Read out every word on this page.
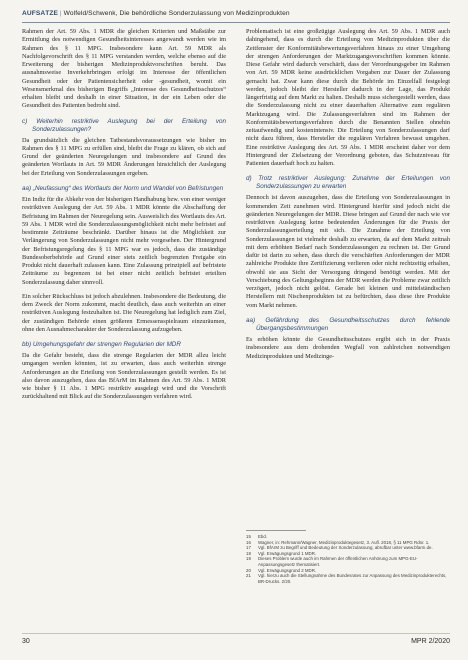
AUFSÄTZE | Wolfeld/Schwenk, Die behördliche Sonderzulassung von Medizinprodukten

Rahmen der Art. 59 Abs. 1 MDR die gleichen Kriterien und Maßstäbe zur Ermittlung des notwendigen Gesundheitsinteresses angewandt werden wie im Rahmen des § 11 MPG. Insbesondere kann Art. 59 MDR als Nachfolgevorschrift des § 11 MPG verstanden werden, welche ebenso auf die Erweiterung der bisherigen Medizinproduktvorschriften beruht. Das ausnahmsweise Inverkehrbringen erfolgt im Interesse der öffentlichen Gesundheit oder der Patientensicherheit oder -gesundheit, womit ein Wesensmerkmal des bisherigen Begriffs „Interesse des Gesundheitsschutzes“ erhalten bleibt und deshalb in einer Situation, in der ein Leben oder die Gesundheit des Patienten bedroht sind.

c) Weiterhin restriktive Auslegung bei der Erteilung von Sonderzulassungen?

Da grundsätzlich die gleichen Tatbestandsvoraussetzungen wie bisher im Rahmen des § 11 MPG zu erfüllen sind, bleibt die Frage zu klären, ob sich auf Grund der geänderten Neuregelungen und insbesondere auf Grund des geänderten Wortlauts in Art. 59 MDR Änderungen hinsichtlich der Auslegung bei der Erteilung von Sonderzulassungen ergeben.

aa) „Neufassung“ des Wortlauts der Norm und Wandel von Befristungen

Ein Indiz für die Abkehr von der bisherigen Handhabung bzw. von einer weniger restriktiven Auslegung der Art. 59 Abs. 1 MDR könnte die Abschaffung der Befristung im Rahmen der Neuregelung sein. Ausweislich des Wortlauts des Art. 59 Abs. 1 MDR wird die Sonderzulassungsmöglichkeit nicht mehr befristet auf bestimmte Zeiträume beschränkt. Darüber hinaus ist die Möglichkeit zur Verlängerung von Sonderzulassungen nicht mehr vorgesehen. Der Hintergrund der Befristungsregelung des § 11 MPG war es jedoch, dass die zuständige Bundesoberbehörde auf Grund einer stets zeitlich begrenzten Freigabe ein Produkt nicht dauerhaft zulassen kann. Eine Zulassung prinzipiell auf befristete Zeiträume zu begrenzen ist bei einer nicht zeitlich befristet erteilten Sonderzulassung daher sinnvoll.

Ein solcher Rückschluss ist jedoch abzulehnen. Insbesondere die Bedeutung, die dem Zweck der Norm zukommt, macht deutlich, dass auch weiterhin an einer restriktiven Auslegung festzuhalten ist. Die Neuregelung hat lediglich zum Ziel, der zuständigen Behörde einen größeren Ermessensspielraum einzuräumen, ohne den Ausnahmecharakter der Sonderzulassung aufzugeben.

bb) Umgehungsgefahr der strengen Regularien der MDR

Da die Gefahr besteht, dass die strenge Regularien der MDR allzu leicht umgangen werden könnten, ist zu erwarten, dass auch weiterhin strenge Anforderungen an die Erteilung von Sonderzulassungen gestellt werden. Es ist also davon auszugehen, dass das BfArM im Rahmen des Art. 59 Abs. 1 MDR wie bisher § 11 Abs. 1 MPG restriktiv ausgelegt wird und die Vorschrift zurückhaltend mit Blick auf die Sonderzulassungen verfahren wird.

Problematisch ist eine großzügige Auslegung des Art. 59 Abs. 1 MDR auch dahingehend, dass es durch die Erteilung von Medizinprodukten über die Zeitfenster der Konformitätsbewertungsverfahren hinaus zu einer Umgehung der strengen Anforderungen der Marktzugangsvorschriften kommen könnte. Diese Gefahr wird dadurch verschärft, dass der Verordnungsgeber im Rahmen von Art. 59 MDR keine ausdrücklichen Vorgaben zur Dauer der Zulassung gemacht hat. Zwar kann diese durch die Behörde im Einzelfall festgelegt werden, jedoch bleibt der Hersteller dadurch in der Lage, das Produkt längerfristig auf dem Markt zu halten. Deshalb muss sichergestellt werden, dass die Sonderzulassung nicht zu einer dauerhaften Alternative zum regulären Marktzugang wird. Die Zulassungsverfahren sind im Rahmen der Konformitätsbewertungsverfahren durch die Benannten Stellen ohnehin zeitaufwendig und kostenintensiv. Die Erteilung von Sonderzulassungen darf nicht dazu führen, dass Hersteller die regulären Verfahren bewusst umgehen. Eine restriktive Auslegung des Art. 59 Abs. 1 MDR erscheint daher vor dem Hintergrund der Zielsetzung der Verordnung geboten, das Schutzniveau für Patienten dauerhaft hoch zu halten.

d) Trotz restriktiver Auslegung: Zunahme der Erteilungen von Sonderzulassungen zu erwarten

Dennoch ist davon auszugehen, dass die Erteilung von Sonderzulassungen in kommenden Zeit zunehmen wird. Hintergrund hierfür sind jedoch nicht die geänderten Neuregelungen der MDR. Diese bringen auf Grund der nach wie vor restriktiven Auslegung keine bedeutenden Änderungen für die Praxis der Sonderzulassungserteilung mit sich. Die Zunahme der Erteilung von Sonderzulassungen ist vielmehr deshalb zu erwarten, da auf dem Markt zeitnah mit dem erhöhten Bedarf nach Sonderzulassungen zu rechnen ist. Der Grund dafür ist darin zu sehen, dass durch die verschärften Anforderungen der MDR zahlreiche Produkte ihre Zertifizierung verlieren oder nicht rechtzeitig erhalten, obwohl sie aus Sicht der Versorgung dringend benötigt werden. Mit der Verschiebung des Geltungsbeginns der MDR werden die Probleme zwar zeitlich verzögert, jedoch nicht gelöst. Gerade bei kleinen und mittelständischen Herstellern mit Nischenprodukten ist zu befürchten, dass diese ihre Produkte vom Markt nehmen.

aa) Gefährdung des Gesundheitsschutzes durch fehlende Übergangsbestimmungen

Es erhöhen könnte die Gesundheitsschutzes ergibt sich in der Praxis insbesondere aus dem drohenden Wegfall von zahlreichen notwendigen Medizinprodukten und Medizinge-

15	Ebd.
16	Wagner, in: Rehmann/Wagner, Medizinproduktegesetz, 3. Aufl. 2018, § 11 MPG Rdnr. 1.
17	Vgl. BfArM zu Begriff und Bedeutung der Sonderzulassung, abrufbar unter www.bfarm.de.
18	Vgl. Erwägungsgrund 1 MDR.
19	Dieses Problem wurde auch im Rahmen der öffentlichen Anhörung zum MPG-EU-Anpassungsgesetz thematisiert.
20	Vgl. Erwägungsgrund 2 MDR.
21	Vgl. hierzu auch die Stellungnahme des Bundesrates zur Anpassung des Medizinprodukterechts, BR-Drucks. 2/20.
30	MPR 2/2020
